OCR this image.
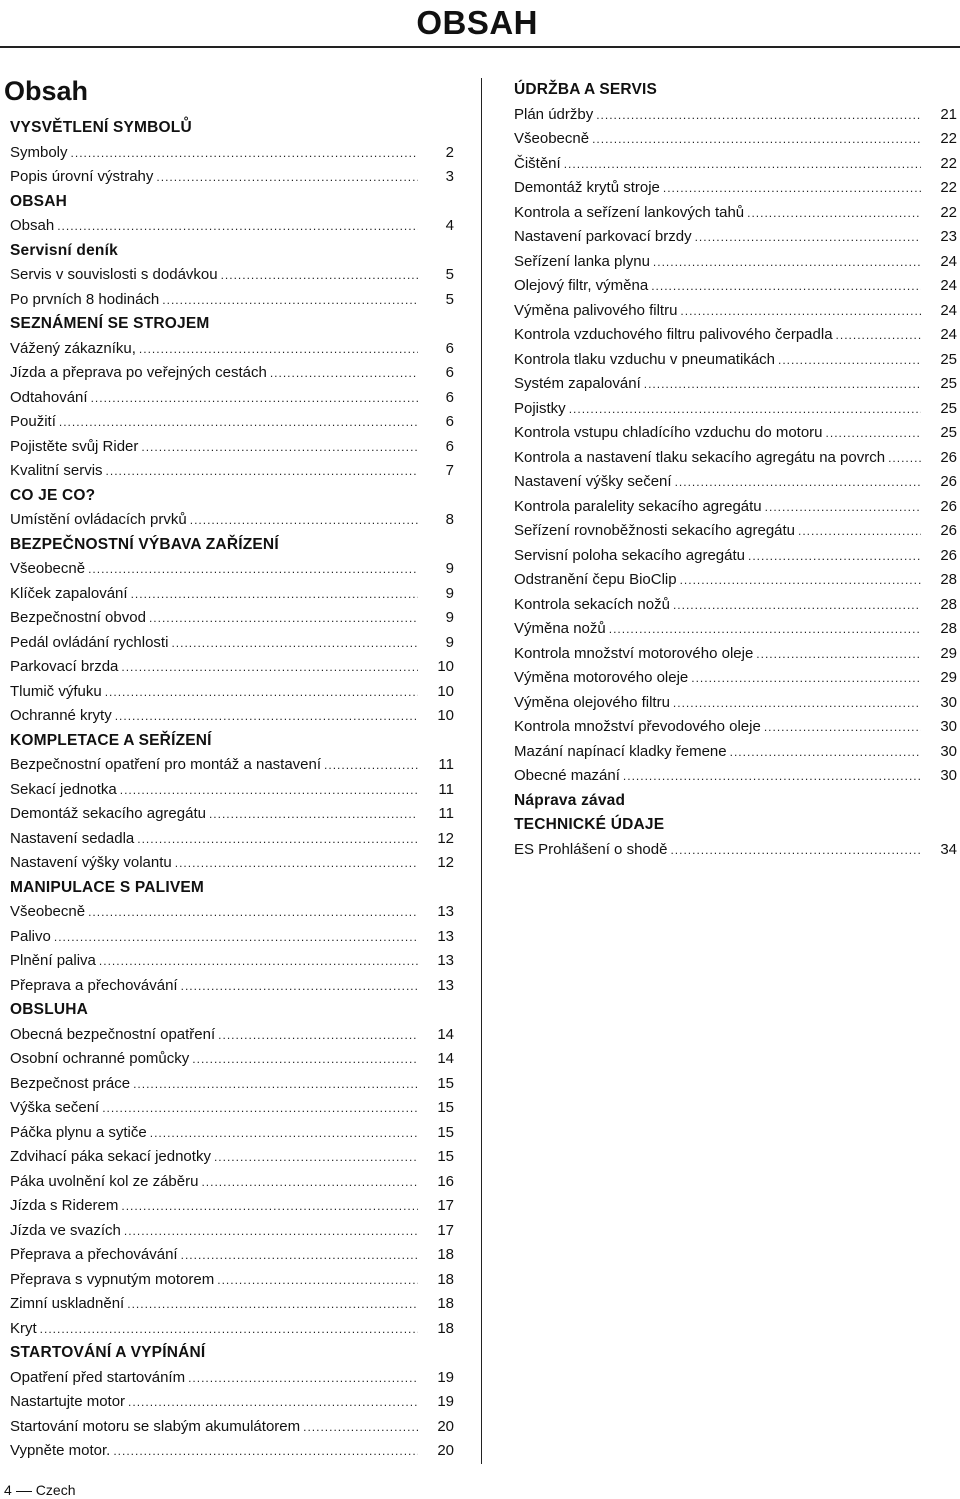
OBSAH
Obsah
VYSVĚTLENÍ SYMBOLŮ
Symboly .....	2
Popis úrovní výstrahy .....	3
OBSAH
Obsah .....	4
Servisní deník
Servis v souvislosti s dodávkou .....	5
Po prvních 8 hodinách .....	5
SEZNÁMENÍ SE STROJEM
Vážený zákazníku, .....	6
Jízda a přeprava po veřejných cestách .....	6
Odtahování .....	6
Použití .....	6
Pojistěte svůj Rider .....	6
Kvalitní servis .....	7
CO JE CO?
Umístění ovládacích prvků .....	8
BEZPEČNOSTNÍ VÝBAVA ZAŘÍZENÍ
Všeobecně .....	9
Klíček zapalování .....	9
Bezpečnostní obvod .....	9
Pedál ovládání rychlosti .....	9
Parkovací brzda .....	10
Tlumič výfuku .....	10
Ochranné kryty .....	10
KOMPLETACE A SEŘÍZENÍ
Bezpečnostní opatření pro montáž a nastavení .....	11
Sekací jednotka .....	11
Demontáž sekacího agregátu .....	11
Nastavení sedadla .....	12
Nastavení výšky volantu .....	12
MANIPULACE S PALIVEM
Všeobecně .....	13
Palivo .....	13
Plnění paliva .....	13
Přeprava a přechovávání .....	13
OBSLUHA
Obecná bezpečnostní opatření .....	14
Osobní ochranné pomůcky .....	14
Bezpečnost práce .....	15
Výška sečení .....	15
Páčka plynu a sytiče .....	15
Zdvihací páka sekací jednotky .....	15
Páka uvolnění kol ze záběru .....	16
Jízda s Riderem .....	17
Jízda ve svazích .....	17
Přeprava a přechovávání .....	18
Přeprava s vypnutým motorem .....	18
Zimní uskladnění .....	18
Kryt .....	18
STARTOVÁNÍ A VYPÍNÁNÍ
Opatření před startováním .....	19
Nastartujte motor .....	19
Startování motoru se slabým akumulátorem .....	20
Vypněte motor. .....	20
ÚDRŽBA A SERVIS
Plán údržby .....	21
Všeobecně .....	22
Čištění .....	22
Demontáž krytů stroje .....	22
Kontrola a seřízení lankových tahů .....	22
Nastavení parkovací brzdy .....	23
Seřízení lanka plynu .....	24
Olejový filtr, výměna .....	24
Výměna palivového filtru .....	24
Kontrola vzduchového filtru palivového čerpadla .....	24
Kontrola tlaku vzduchu v pneumatikách .....	25
Systém zapalování .....	25
Pojistky .....	25
Kontrola vstupu chladícího vzduchu do motoru .....	25
Kontrola a nastavení tlaku sekacího agregátu na povrch .....	26
Nastavení výšky sečení .....	26
Kontrola paralelity sekacího agregátu .....	26
Seřízení rovnoběžnosti sekacího agregátu .....	26
Servisní poloha sekacího agregátu .....	26
Odstranění čepu BioClip .....	28
Kontrola sekacích nožů .....	28
Výměna nožů .....	28
Kontrola množství motorového oleje .....	29
Výměna motorového oleje .....	29
Výměna olejového filtru .....	30
Kontrola množství převodového oleje .....	30
Mazání napínací kladky řemene .....	30
Obecné mazání .....	30
Náprava závad
TECHNICKÉ ÚDAJE
ES Prohlášení o shodě .....	34
4 Czech
